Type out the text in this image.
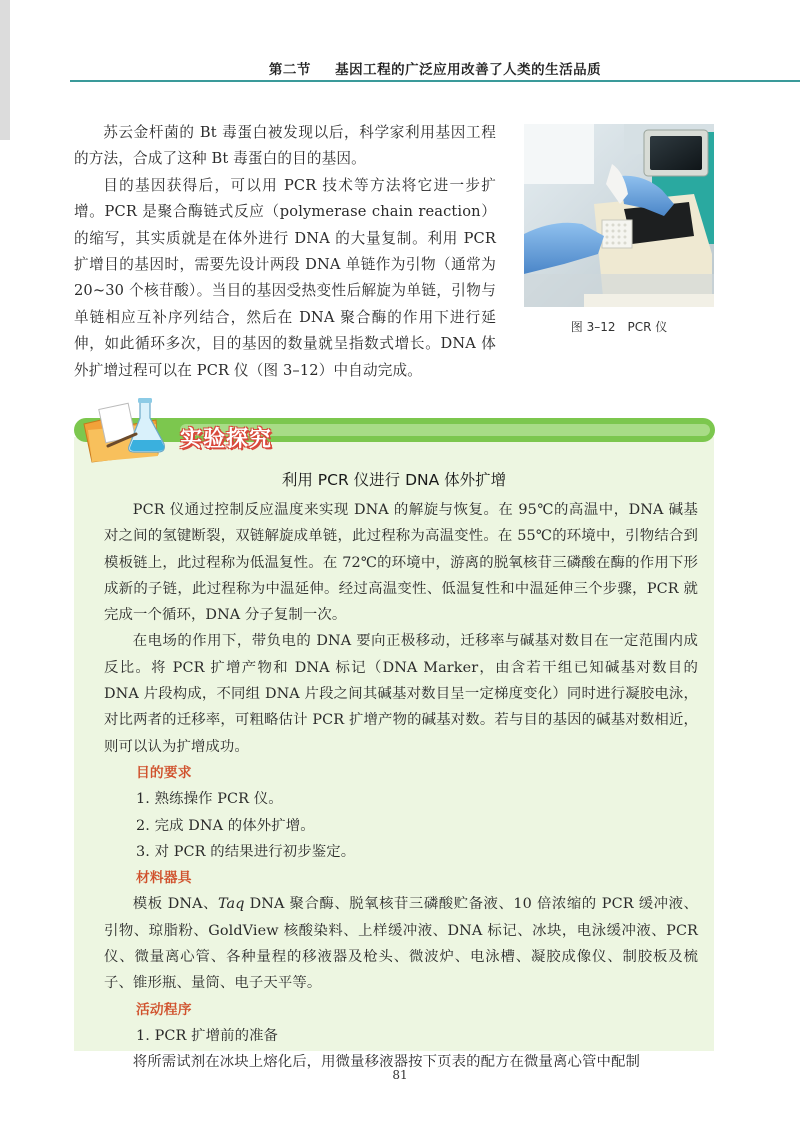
第二节   基因工程的广泛应用改善了人类的生活品质

苏云金杆菌的 Bt 毒蛋白被发现以后，科学家利用基因工程的方法，合成了这种 Bt 毒蛋白的目的基因。

目的基因获得后，可以用 PCR 技术等方法将它进一步扩增。PCR 是聚合酶链式反应（polymerase chain reaction）的缩写，其实质就是在体外进行 DNA 的大量复制。利用 PCR 扩增目的基因时，需要先设计两段 DNA 单链作为引物（通常为 20~30 个核苷酸）。当目的基因受热变性后解旋为单链，引物与单链相应互补序列结合，然后在 DNA 聚合酶的作用下进行延伸，如此循环多次，目的基因的数量就呈指数式增长。DNA 体外扩增过程可以在 PCR 仪（图 3–12）中自动完成。

图 3–12　PCR 仪
实验探究
利用 PCR 仪进行 DNA 体外扩增

PCR 仪通过控制反应温度来实现 DNA 的解旋与恢复。在 95℃的高温中，DNA 碱基对之间的氢键断裂，双链解旋成单链，此过程称为高温变性。在 55℃的环境中，引物结合到模板链上，此过程称为低温复性。在 72℃的环境中，游离的脱氧核苷三磷酸在酶的作用下形成新的子链，此过程称为中温延伸。经过高温变性、低温复性和中温延伸三个步骤，PCR 就完成一个循环，DNA 分子复制一次。

在电场的作用下，带负电的 DNA 要向正极移动，迁移率与碱基对数目在一定范围内成反比。将 PCR 扩增产物和 DNA 标记（DNA Marker，由含若干组已知碱基对数目的 DNA 片段构成，不同组 DNA 片段之间其碱基对数目呈一定梯度变化）同时进行凝胶电泳，对比两者的迁移率，可粗略估计 PCR 扩增产物的碱基对数。若与目的基因的碱基对数相近，则可以认为扩增成功。

目的要求

1. 熟练操作 PCR 仪。

2. 完成 DNA 的体外扩增。

3. 对 PCR 的结果进行初步鉴定。

材料器具

模板 DNA、Taq DNA 聚合酶、脱氧核苷三磷酸贮备液、10 倍浓缩的 PCR 缓冲液、引物、琼脂粉、GoldView 核酸染料、上样缓冲液、DNA 标记、冰块，电泳缓冲液、PCR 仪、微量离心管、各种量程的移液器及枪头、微波炉、电泳槽、凝胶成像仪、制胶板及梳子、锥形瓶、量筒、电子天平等。

活动程序

1. PCR 扩增前的准备

将所需试剂在冰块上熔化后，用微量移液器按下页表的配方在微量离心管中配制

81
